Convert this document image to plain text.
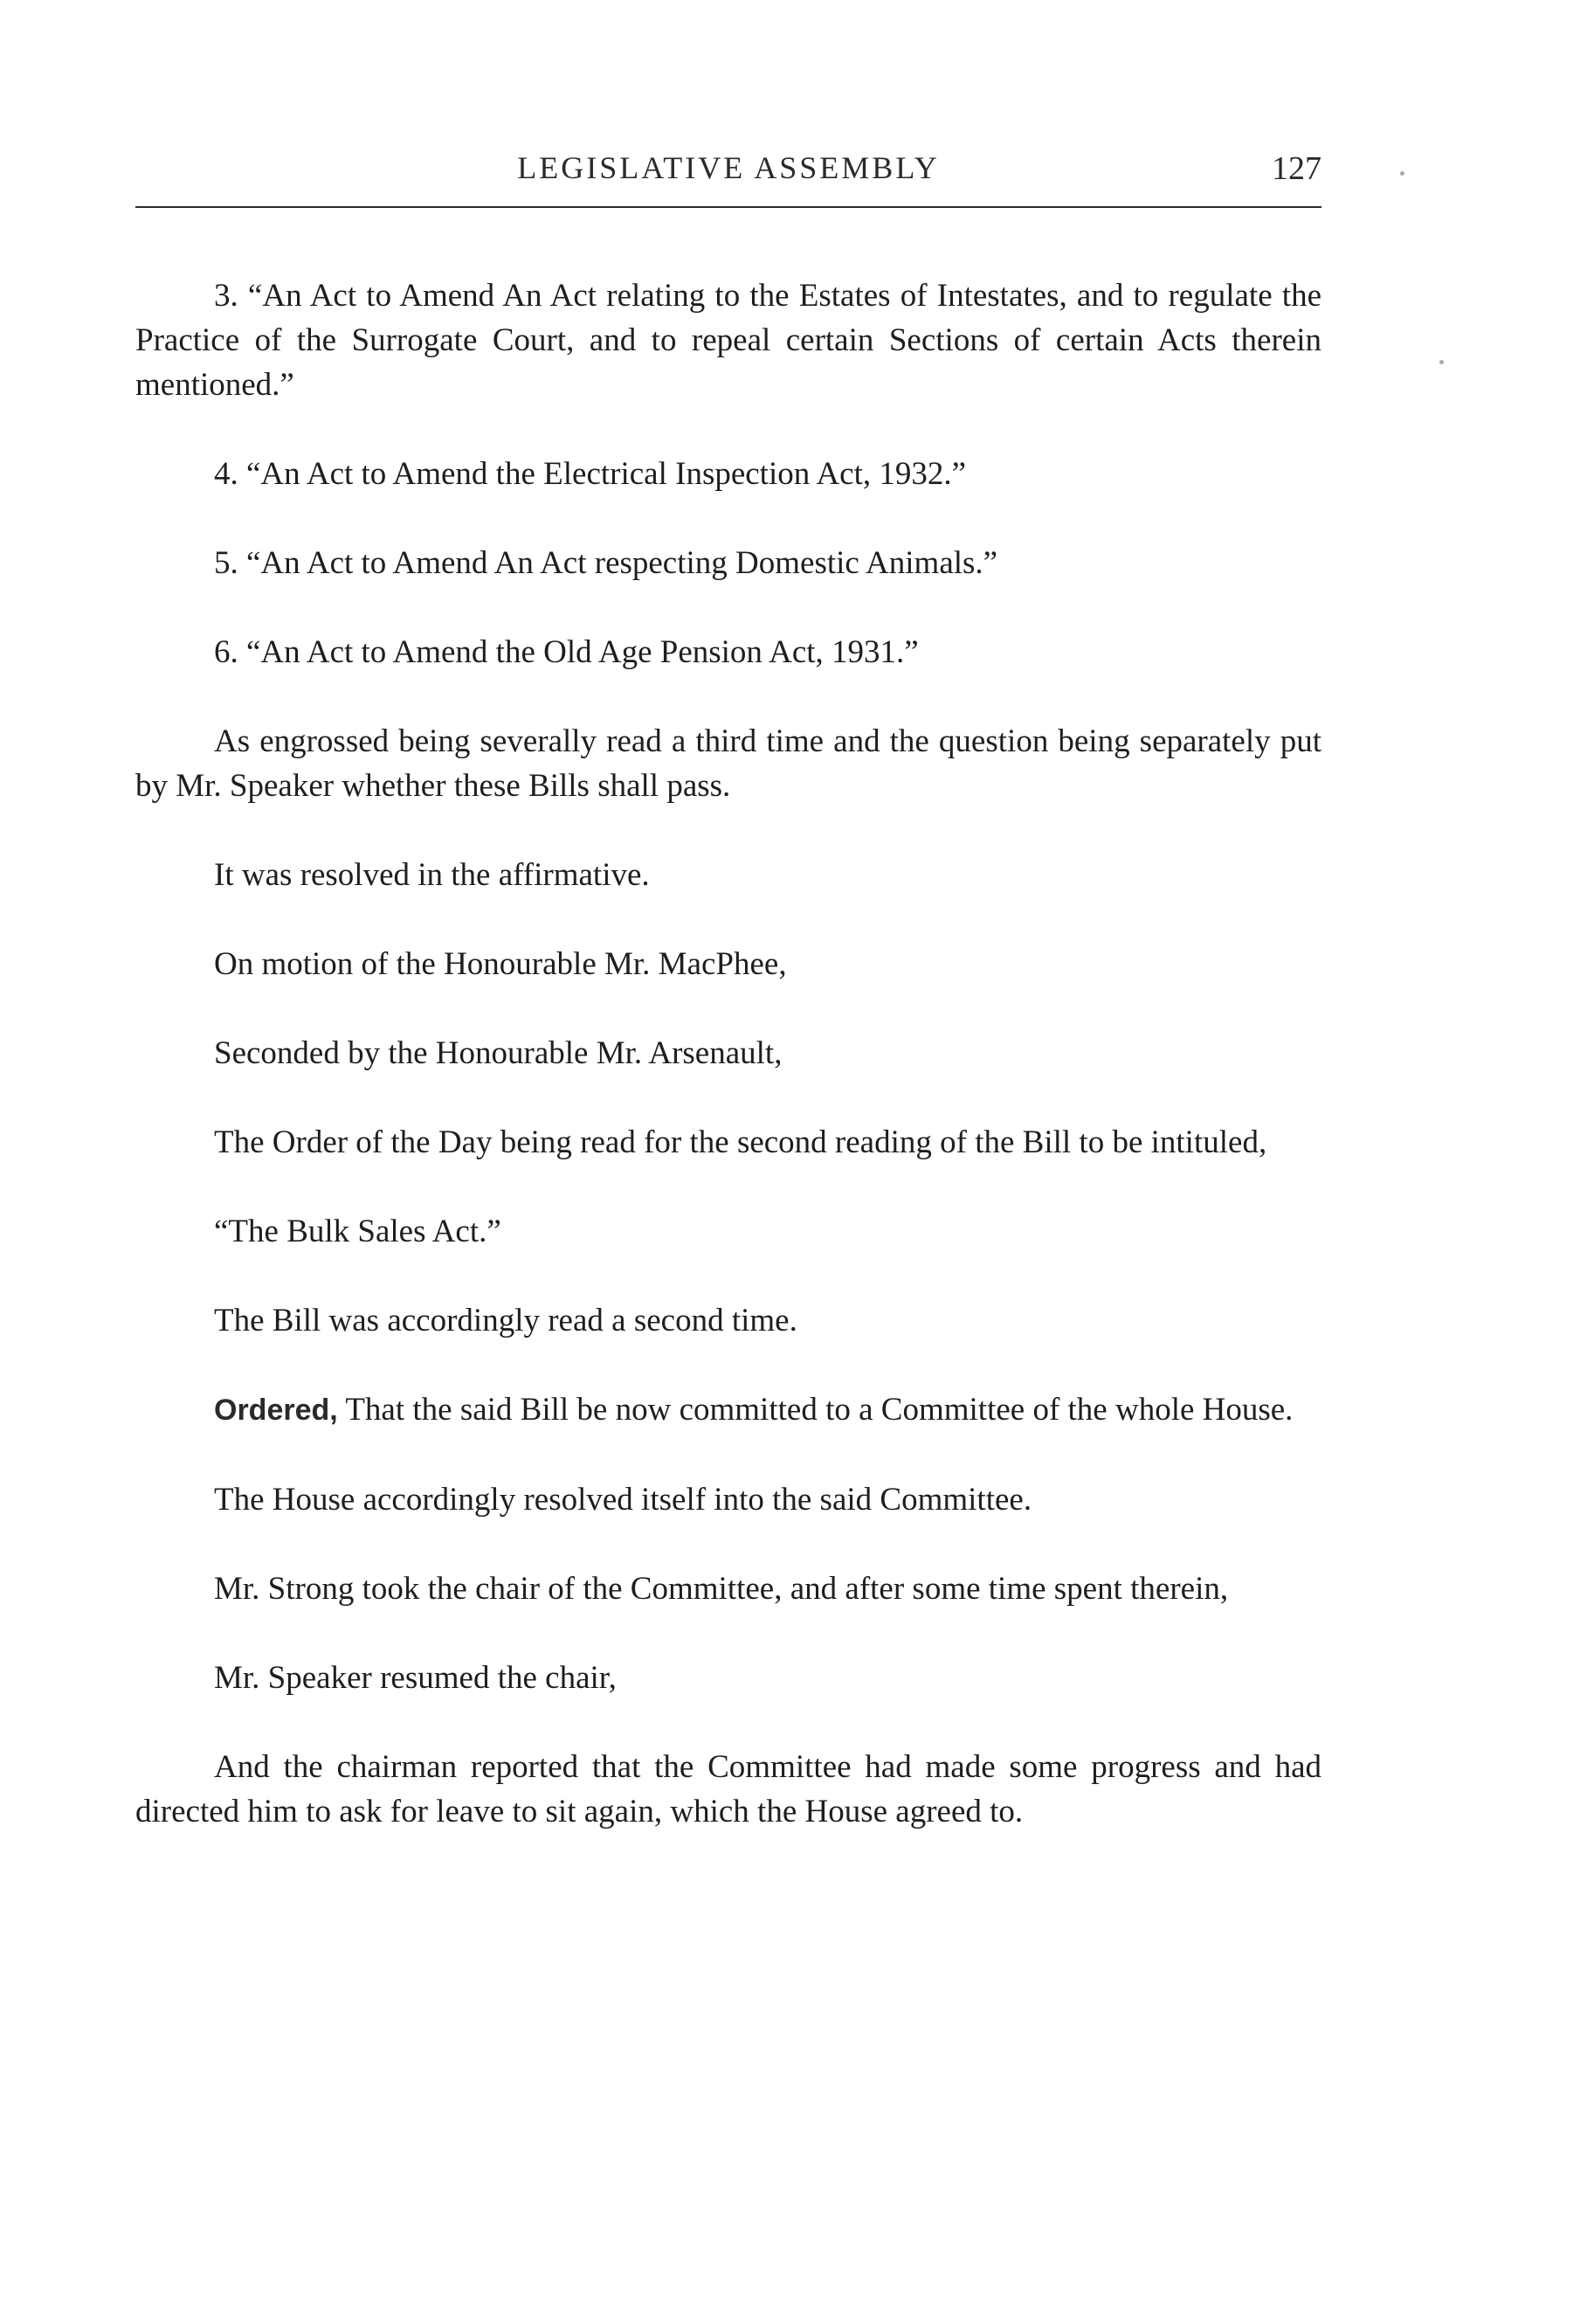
LEGISLATIVE ASSEMBLY	127

3. “An Act to Amend An Act relating to the Estates of Intestates, and to regulate the Practice of the Surrogate Court, and to repeal certain Sections of certain Acts therein mentioned.”

4. “An Act to Amend the Electrical Inspection Act, 1932.”

5. “An Act to Amend An Act respecting Domestic Animals.”

6. “An Act to Amend the Old Age Pension Act, 1931.”

As engrossed being severally read a third time and the question being separately put by Mr. Speaker whether these Bills shall pass.

It was resolved in the affirmative.

On motion of the Honourable Mr. MacPhee,

Seconded by the Honourable Mr. Arsenault,

The Order of the Day being read for the second reading of the Bill to be intituled,

“The Bulk Sales Act.”

The Bill was accordingly read a second time.

Ordered, That the said Bill be now committed to a Committee of the whole House.

The House accordingly resolved itself into the said Committee.

Mr. Strong took the chair of the Committee, and after some time spent therein,

Mr. Speaker resumed the chair,

And the chairman reported that the Committee had made some progress and had directed him to ask for leave to sit again, which the House agreed to.
